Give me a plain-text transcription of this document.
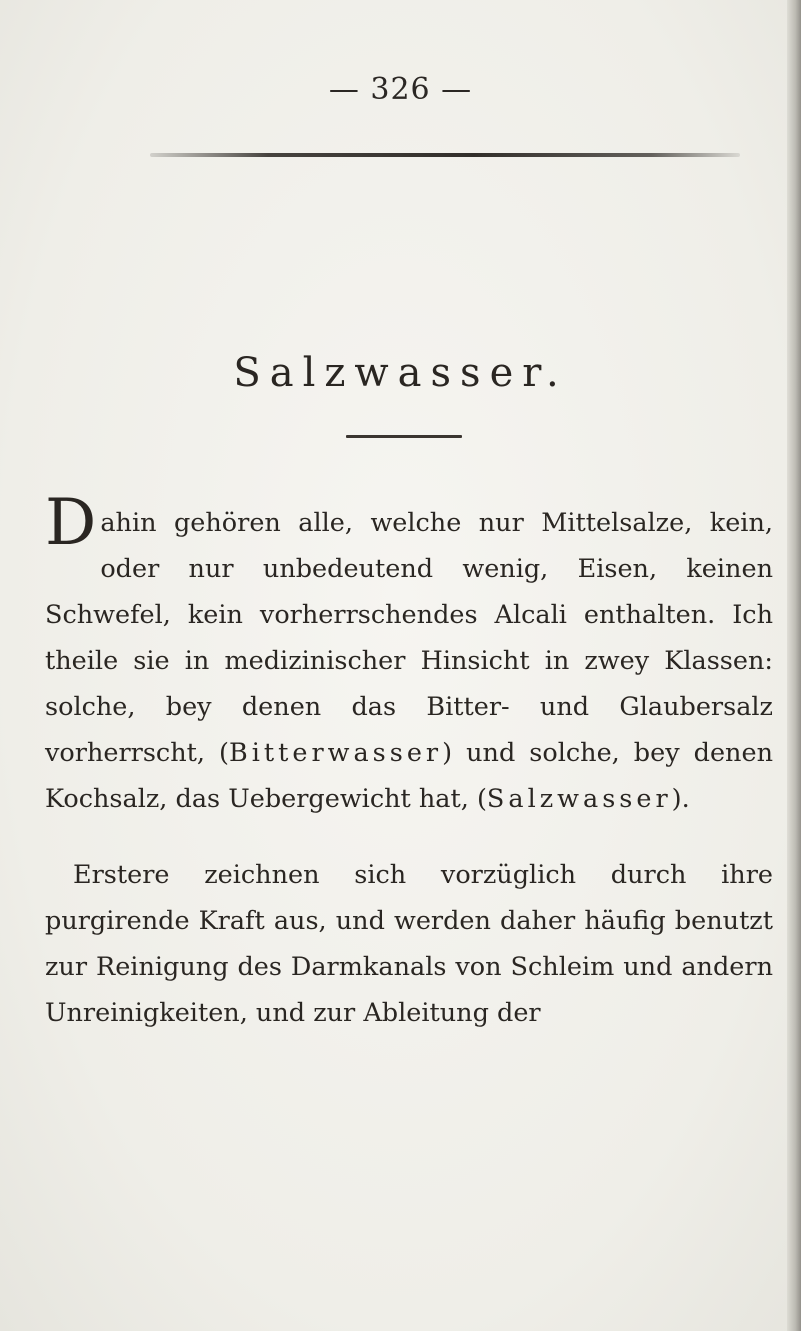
— 326 —
Salzwasser.

Dahin gehören alle, welche nur Mittelsalze, kein, oder nur unbedeutend wenig, Eisen, keinen Schwefel, kein vorherrschendes Alcali enthalten. Ich theile sie in medizinischer Hinsicht in zwey Klassen: solche, bey denen das Bitter- und Glaubersalz vorherrscht, (Bitterwasser) und solche, bey denen Kochsalz, das Uebergewicht hat, (Salzwasser).

Erstere zeichnen sich vorzüglich durch ihre purgirende Kraft aus, und werden daher häufig benutzt zur Reinigung des Darmkanals von Schleim und andern Unreinigkeiten, und zur Ableitung der
